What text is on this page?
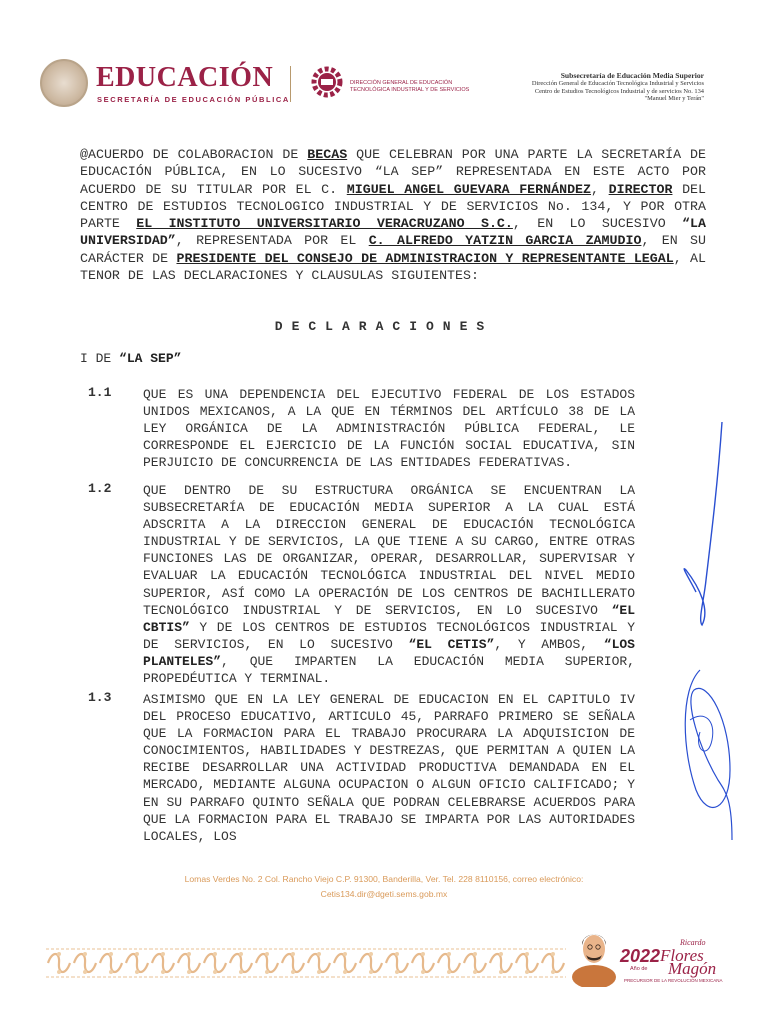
EDUCACIÓN
SECRETARÍA DE EDUCACIÓN PÚBLICA
DIRECCIÓN GENERAL DE EDUCACIÓN
TECNOLÓGICA INDUSTRIAL Y DE SERVICIOS
Subsecretaría de Educación Media Superior
Dirección General de Educación Tecnológica Industrial y Servicios
Centro de Estudios Tecnológicos Industrial y de servicios No. 134
"Manuel Mier y Terán"
@ACUERDO DE COLABORACION DE BECAS QUE CELEBRAN POR UNA PARTE LA SECRETARÍA DE EDUCACIÓN PÚBLICA, EN LO SUCESIVO “LA SEP” REPRESENTADA EN ESTE ACTO POR ACUERDO DE SU TITULAR POR EL C. MIGUEL ANGEL GUEVARA FERNÁNDEZ, DIRECTOR DEL CENTRO DE ESTUDIOS TECNOLOGICO INDUSTRIAL Y DE SERVICIOS No. 134, Y POR OTRA PARTE EL INSTITUTO UNIVERSITARIO VERACRUZANO S.C., EN LO SUCESIVO “LA UNIVERSIDAD”, REPRESENTADA POR EL C. ALFREDO YATZIN GARCIA ZAMUDIO, EN SU CARÁCTER DE PRESIDENTE DEL CONSEJO DE ADMINISTRACION Y REPRESENTANTE LEGAL, AL TENOR DE LAS DECLARACIONES Y CLAUSULAS SIGUIENTES:
DECLARACIONES
I DE “LA SEP”
1.1 QUE ES UNA DEPENDENCIA DEL EJECUTIVO FEDERAL DE LOS ESTADOS UNIDOS MEXICANOS, A LA QUE EN TÉRMINOS DEL ARTÍCULO 38 DE LA LEY ORGÁNICA DE LA ADMINISTRACIÓN PÚBLICA FEDERAL, LE CORRESPONDE EL EJERCICIO DE LA FUNCIÓN SOCIAL EDUCATIVA, SIN PERJUICIO DE CONCURRENCIA DE LAS ENTIDADES FEDERATIVAS.
1.2 QUE DENTRO DE SU ESTRUCTURA ORGÁNICA SE ENCUENTRAN LA SUBSECRETARÍA DE EDUCACIÓN MEDIA SUPERIOR A LA CUAL ESTÁ ADSCRITA A LA DIRECCION GENERAL DE EDUCACIÓN TECNOLÓGICA INDUSTRIAL Y DE SERVICIOS, LA QUE TIENE A SU CARGO, ENTRE OTRAS FUNCIONES LAS DE ORGANIZAR, OPERAR, DESARROLLAR, SUPERVISAR Y EVALUAR LA EDUCACIÓN TECNOLÓGICA INDUSTRIAL DEL NIVEL MEDIO SUPERIOR, ASÍ COMO LA OPERACIÓN DE LOS CENTROS DE BACHILLERATO TECNOLÓGICO INDUSTRIAL Y DE SERVICIOS, EN LO SUCESIVO “EL CBTIS” Y DE LOS CENTROS DE ESTUDIOS TECNOLÓGICOS INDUSTRIAL Y DE SERVICIOS, EN LO SUCESIVO “EL CETIS”, Y AMBOS, “LOS PLANTELES”, QUE IMPARTEN LA EDUCACIÓN MEDIA SUPERIOR, PROPEDÉUTICA Y TERMINAL.
1.3 ASIMISMO QUE EN LA LEY GENERAL DE EDUCACION EN EL CAPITULO IV DEL PROCESO EDUCATIVO, ARTICULO 45, PARRAFO PRIMERO SE SEÑALA QUE LA FORMACION PARA EL TRABAJO PROCURARA LA ADQUISICION DE CONOCIMIENTOS, HABILIDADES Y DESTREZAS, QUE PERMITAN A QUIEN LA RECIBE DESARROLLAR UNA ACTIVIDAD PRODUCTIVA DEMANDADA EN EL MERCADO, MEDIANTE ALGUNA OCUPACION O ALGUN OFICIO CALIFICADO; Y EN SU PARRAFO QUINTO SEÑALA QUE PODRAN CELEBRARSE ACUERDOS PARA QUE LA FORMACION PARA EL TRABAJO SE IMPARTA POR LAS AUTORIDADES LOCALES, LOS
Lomas Verdes No. 2 Col. Rancho Viejo C.P. 91300, Banderilla, Ver. Tel. 228 8110156, correo electrónico:
Cetis134.dir@dgeti.sems.gob.mx
2022
Año de
Ricardo
Flores
Magón
PRECURSOR DE LA REVOLUCIÓN MEXICANA
